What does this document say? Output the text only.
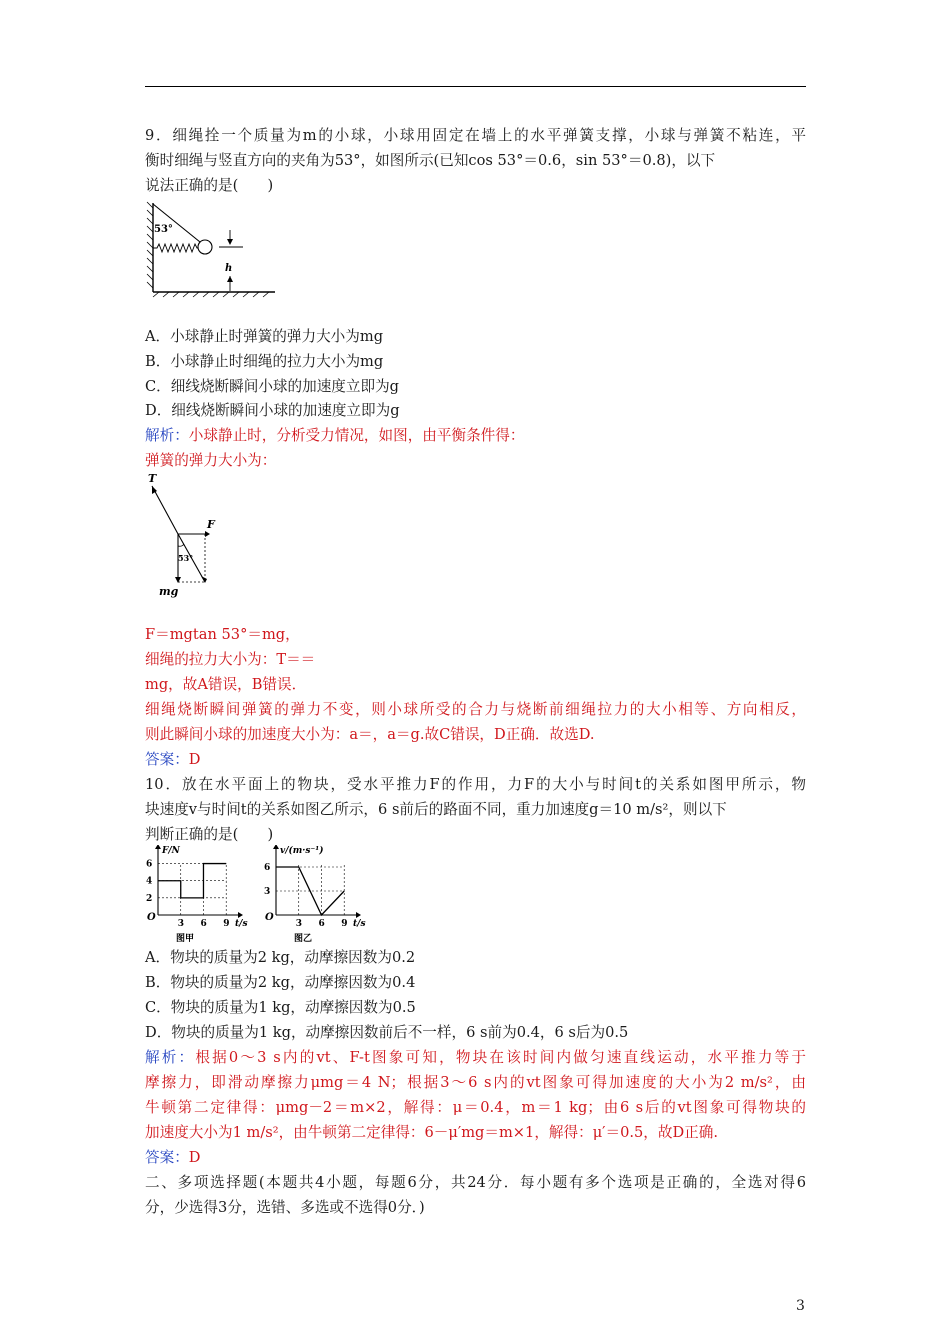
9．细绳拴一个质量为m的小球，小球用固定在墙上的水平弹簧支撑，小球与弹簧不粘连，平
衡时细绳与竖直方向的夹角为53°，如图所示(已知cos 53°＝0.6，sin 53°＝0.8)，以下
说法正确的是(　　)
53°
h
A．小球静止时弹簧的弹力大小为mg
B．小球静止时细绳的拉力大小为mg
C．细线烧断瞬间小球的加速度立即为g
D．细线烧断瞬间小球的加速度立即为g
解析：小球静止时，分析受力情况，如图，由平衡条件得：
弹簧的弹力大小为：
T
F
53°
mg
F＝mgtan 53°＝mg，
细绳的拉力大小为：T＝＝
mg，故A错误，B错误．
细绳烧断瞬间弹簧的弹力不变，则小球所受的合力与烧断前细绳拉力的大小相等、方向相反，
则此瞬间小球的加速度大小为：a＝，a＝g.故C错误，D正确．故选D.
答案：D
10．放在水平面上的物块，受水平推力F的作用，力F的大小与时间t的关系如图甲所示，物
块速度v与时间t的关系如图乙所示，6 s前后的路面不同，重力加速度g＝10 m/s²，则以下
判断正确的是(　　)
F/N
t/s
O
3 6 9
2
4
6
图甲
v/(m·s⁻¹)
t/s
O
3 6 9
3
6
图乙
A．物块的质量为2 kg，动摩擦因数为0.2
B．物块的质量为2 kg，动摩擦因数为0.4
C．物块的质量为1 kg，动摩擦因数为0.5
D．物块的质量为1 kg，动摩擦因数前后不一样，6 s前为0.4，6 s后为0.5
解析：根据0～3 s内的vt、F-t图象可知，物块在该时间内做匀速直线运动，水平推力等于
摩擦力，即滑动摩擦力μmg＝4 N；根据3～6 s内的vt图象可得加速度的大小为2 m/s²，由
牛顿第二定律得：μmg－2＝m×2，解得：μ＝0.4，m＝1 kg；由6 s后的vt图象可得物块的
加速度大小为1 m/s²，由牛顿第二定律得：6－μ′mg＝m×1，解得：μ′＝0.5，故D正确.
答案：D
二、多项选择题(本题共4小题，每题6分，共24分．每小题有多个选项是正确的，全选对得6
分，少选得3分，选错、多选或不选得0分．)
3
